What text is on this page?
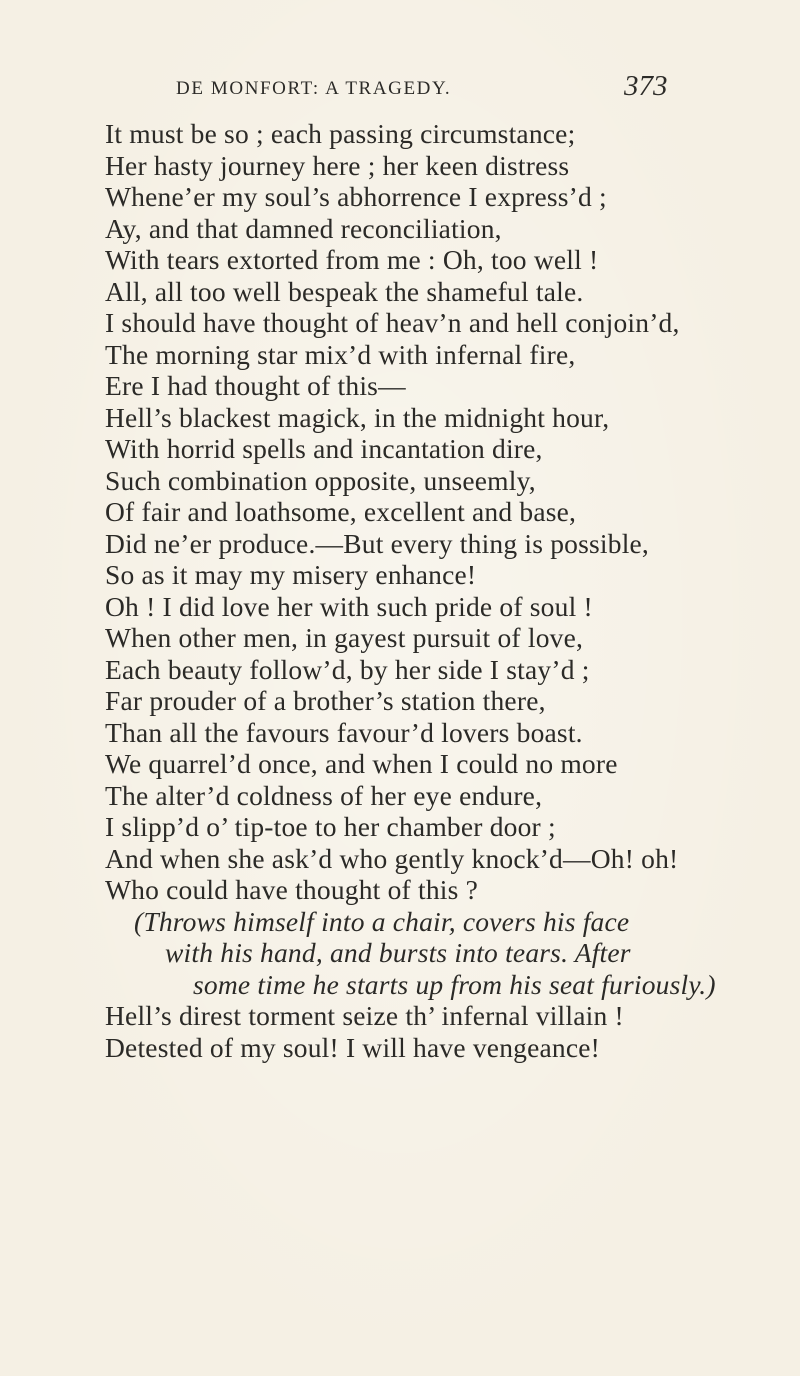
DE MONFORT: A TRAGEDY.	373
It must be so ; each passing circumstance;
Her hasty journey here ; her keen distress
Whene’er my soul’s abhorrence I express’d ;
Ay, and that damned reconciliation,
With tears extorted from me : Oh, too well !
All, all too well bespeak the shameful tale.
I should have thought of heav’n and hell conjoin’d,
The morning star mix’d with infernal fire,
Ere I had thought of this—
Hell’s blackest magick, in the midnight hour,
With horrid spells and incantation dire,
Such combination opposite, unseemly,
Of fair and loathsome, excellent and base,
Did ne’er produce.—But every thing is possible,
So as it may my misery enhance!
Oh ! I did love her with such pride of soul !
When other men, in gayest pursuit of love,
Each beauty follow’d, by her side I stay’d ;
Far prouder of a brother’s station there,
Than all the favours favour’d lovers boast.
We quarrel’d once, and when I could no more
The alter’d coldness of her eye endure,
I slipp’d o’ tip-toe to her chamber door ;
And when she ask’d who gently knock’d—Oh! oh!
Who could have thought of this ?
(Throws himself into a chair, covers his face
with his hand, and bursts into tears. After
some time he starts up from his seat furiously.)
Hell’s direst torment seize th’ infernal villain !
Detested of my soul! I will have vengeance!
